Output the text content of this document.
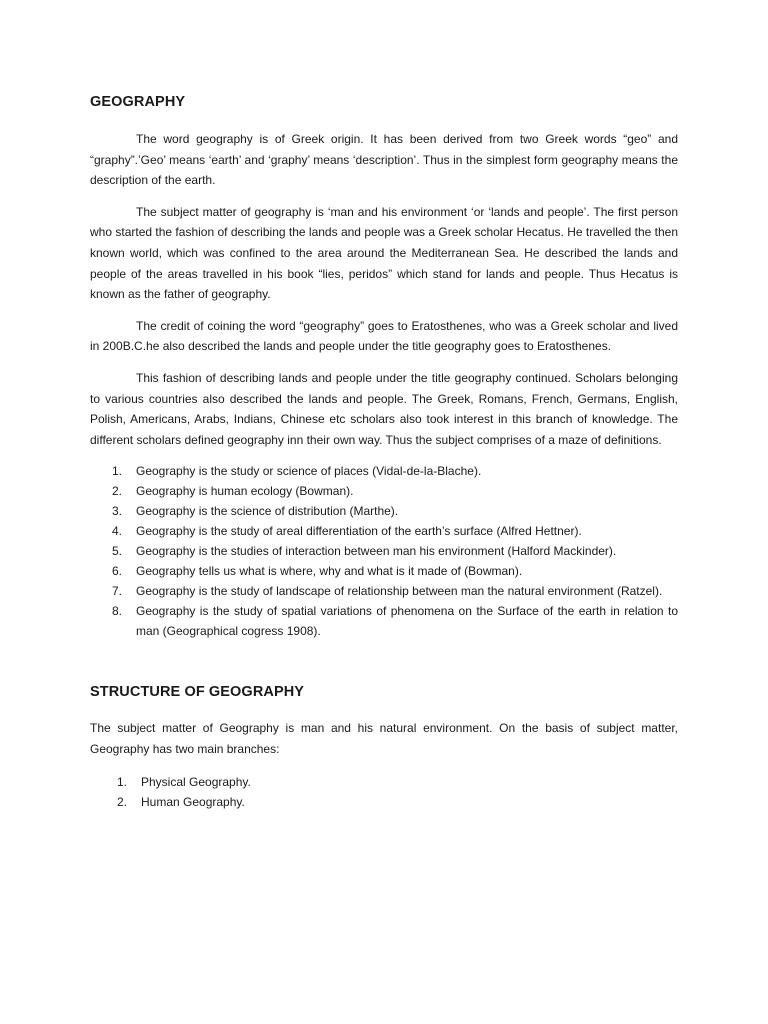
GEOGRAPHY

The word geography is of Greek origin. It has been derived from two Greek words “geo” and “graphy”.’Geo’ means ‘earth’ and ‘graphy’ means ‘description’. Thus in the simplest form geography means the description of the earth.

The subject matter of geography is ‘man and his environment ‘or ‘lands and people’. The first person who started the fashion of describing the lands and people was a Greek scholar Hecatus. He travelled the then known world, which was confined to the area around the Mediterranean Sea. He described the lands and people of the areas travelled in his book “lies, peridos” which stand for lands and people. Thus Hecatus is known as the father of geography.

The credit of coining the word “geography” goes to Eratosthenes, who was a Greek scholar and lived in 200B.C.he also described the lands and people under the title geography goes to Eratosthenes.

This fashion of describing lands and people under the title geography continued. Scholars belonging to various countries also described the lands and people. The Greek, Romans, French, Germans, English, Polish, Americans, Arabs, Indians, Chinese etc scholars also took interest in this branch of knowledge. The different scholars defined geography inn their own way. Thus the subject comprises of a maze of definitions.

1. Geography is the study or science of places (Vidal-de-la-Blache).
2. Geography is human ecology (Bowman).
3. Geography is the science of distribution (Marthe).
4. Geography is the study of areal differentiation of the earth’s surface (Alfred Hettner).
5. Geography is the studies of interaction between man his environment (Halford Mackinder).
6. Geography tells us what is where, why and what is it made of (Bowman).
7. Geography is the study of landscape of relationship between man the natural environment (Ratzel).
8. Geography is the study of spatial variations of phenomena on the Surface of the earth in relation to man (Geographical cogress 1908).
STRUCTURE OF GEOGRAPHY

The subject matter of Geography is man and his natural environment. On the basis of subject matter, Geography has two main branches:

1. Physical Geography.
2. Human Geography.
